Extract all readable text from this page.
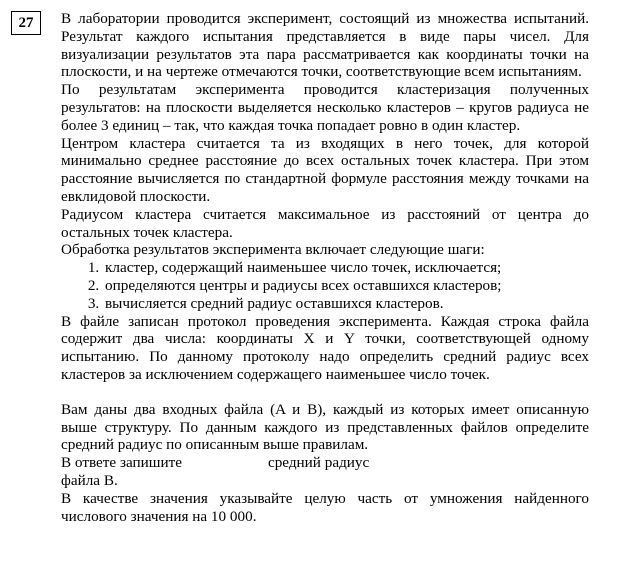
27	В лаборатории проводится эксперимент, состоящий из множества испытаний. Результат каждого испытания представляется в виде пары чисел. Для визуализации результатов эта пара рассматривается как координаты точки на плоскости, и на чертеже отмечаются точки, соответствующие всем испытаниям.

По результатам эксперимента проводится кластеризация полученных результатов: на плоскости выделяется несколько кластеров – кругов радиуса не более 3 единиц – так, что каждая точка попадает ровно в один кластер.

Центром кластера считается та из входящих в него точек, для которой минимально среднее расстояние до всех остальных точек кластера. При этом расстояние вычисляется по стандартной формуле расстояния между точками на евклидовой плоскости.

Радиусом кластера считается максимальное из расстояний от центра до остальных точек кластера.

Обработка результатов эксперимента включает следующие шаги:

1. кластер, содержащий наименьшее число точек, исключается;
2. определяются центры и радиусы всех оставшихся кластеров;
3. вычисляется средний радиус оставшихся кластеров.

В файле записан протокол проведения эксперимента. Каждая строка файла содержит два числа: координаты X и Y точки, соответствующей одному испытанию. По данному протоколу надо определить средний радиус всех кластеров за исключением содержащего наименьшее число точек.

Вам даны два входных файла (A и B), каждый из которых имеет описанную выше структуру. По данным каждого из представленных файлов определите средний радиус по описанным выше правилам.

В ответе запишите	средний радиус

файла B.

В качестве значения указывайте целую часть от умножения найденного числового значения на 10 000.
